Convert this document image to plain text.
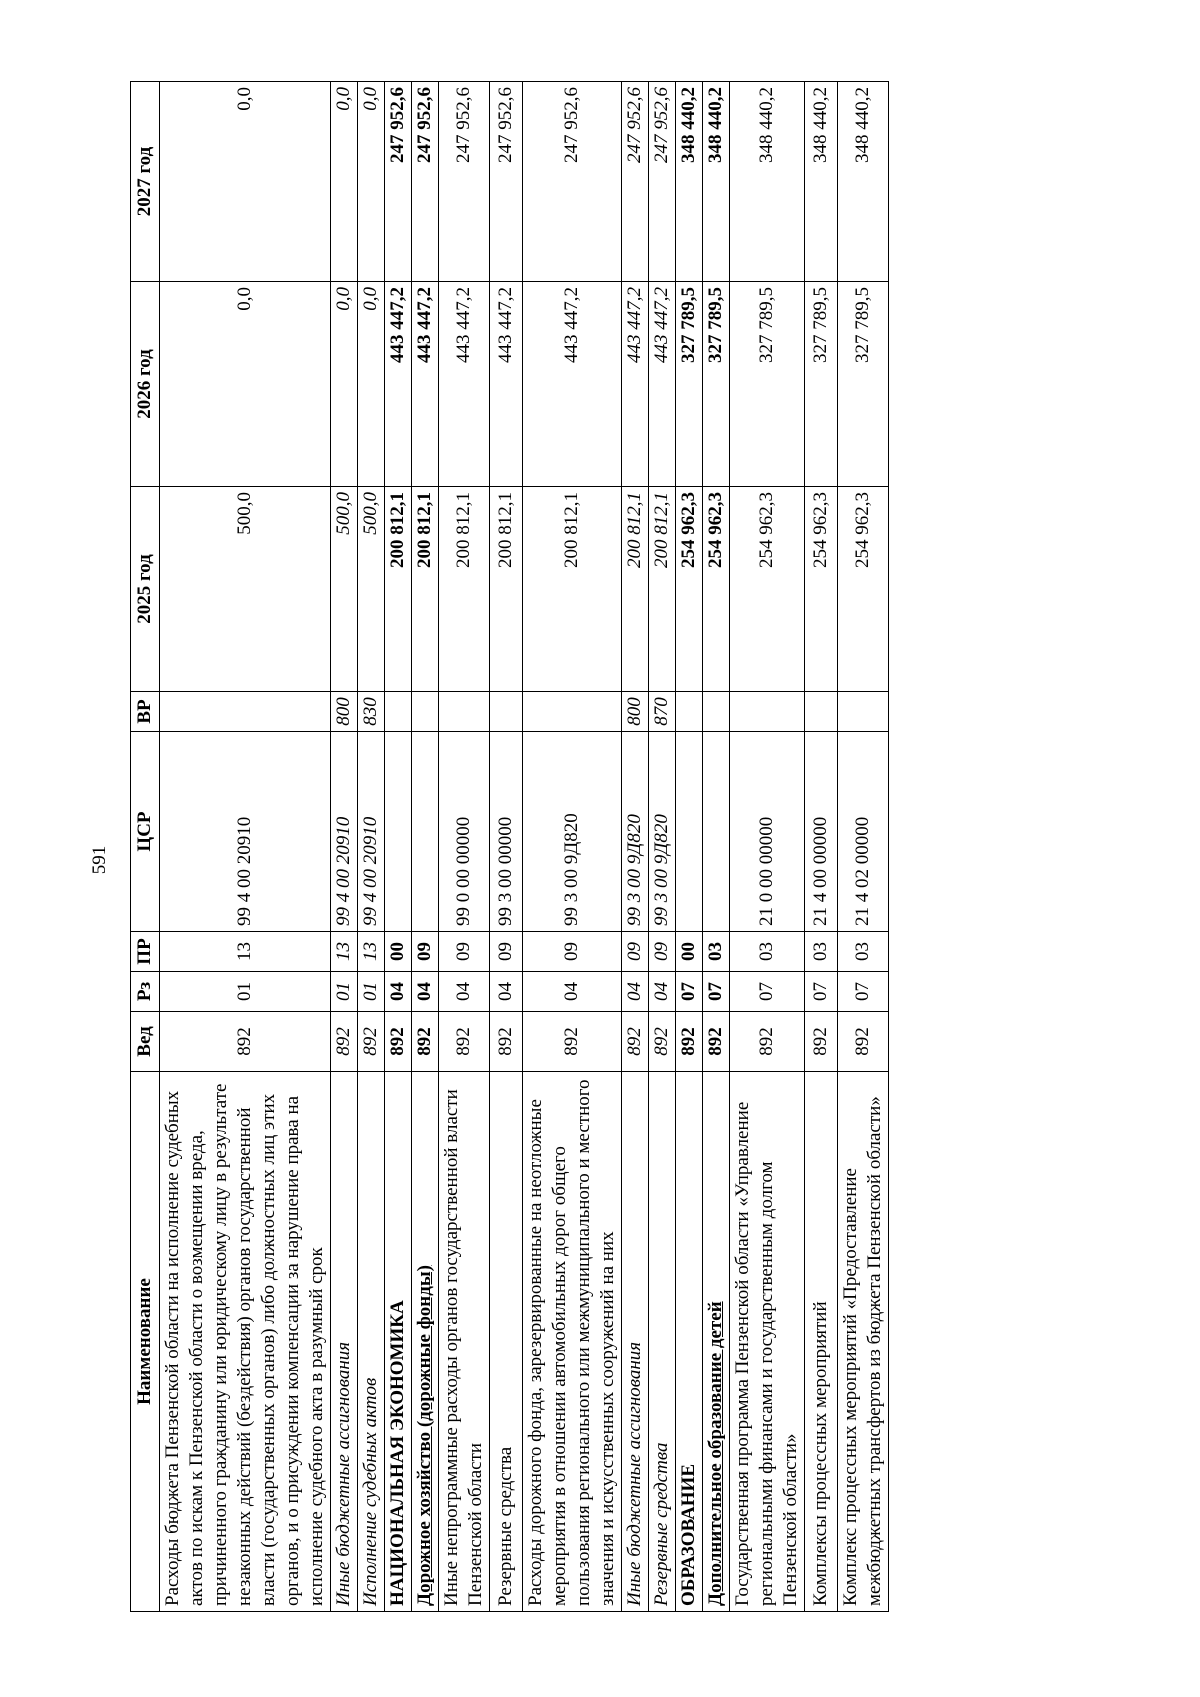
591
Наименование	Вед	Рз	ПР	ЦСР	ВР	2025 год	2026 год	2027 год
Расходы бюджета Пензенской области на исполнение судебных актов по искам к Пензенской области о возмещении вреда, причиненного гражданину или юридическому лицу в результате незаконных действий (бездействия) органов государственной власти (государственных органов) либо должностных лиц этих органов, и о присуждении компенсации за нарушение права на исполнение судебного акта в разумный срок	892	01	13	99 4 00 20910		500,0	0,0	0,0
Иные бюджетные ассигнования	892	01	13	99 4 00 20910	800	500,0	0,0	0,0
Исполнение судебных актов	892	01	13	99 4 00 20910	830	500,0	0,0	0,0
НАЦИОНАЛЬНАЯ ЭКОНОМИКА	892	04	00			200 812,1	443 447,2	247 952,6
Дорожное хозяйство (дорожные фонды)	892	04	09			200 812,1	443 447,2	247 952,6
Иные непрограммные расходы органов государственной власти Пензенской области	892	04	09	99 0 00 00000		200 812,1	443 447,2	247 952,6
Резервные средства	892	04	09	99 3 00 00000		200 812,1	443 447,2	247 952,6
Расходы дорожного фонда, зарезервированные на неотложные мероприятия в отношении автомобильных дорог общего пользования регионального или межмуниципального и местного значения и искусственных сооружений на них	892	04	09	99 3 00 9Д820		200 812,1	443 447,2	247 952,6
Иные бюджетные ассигнования	892	04	09	99 3 00 9Д820	800	200 812,1	443 447,2	247 952,6
Резервные средства	892	04	09	99 3 00 9Д820	870	200 812,1	443 447,2	247 952,6
ОБРАЗОВАНИЕ	892	07	00			254 962,3	327 789,5	348 440,2
Дополнительное образование детей	892	07	03			254 962,3	327 789,5	348 440,2
Государственная программа Пензенской области «Управление региональными финансами и государственным долгом Пензенской области»	892	07	03	21 0 00 00000		254 962,3	327 789,5	348 440,2
Комплексы процессных мероприятий	892	07	03	21 4 00 00000		254 962,3	327 789,5	348 440,2
Комплекс процессных мероприятий «Предоставление межбюджетных трансфертов из бюджета Пензенской области»	892	07	03	21 4 02 00000		254 962,3	327 789,5	348 440,2
